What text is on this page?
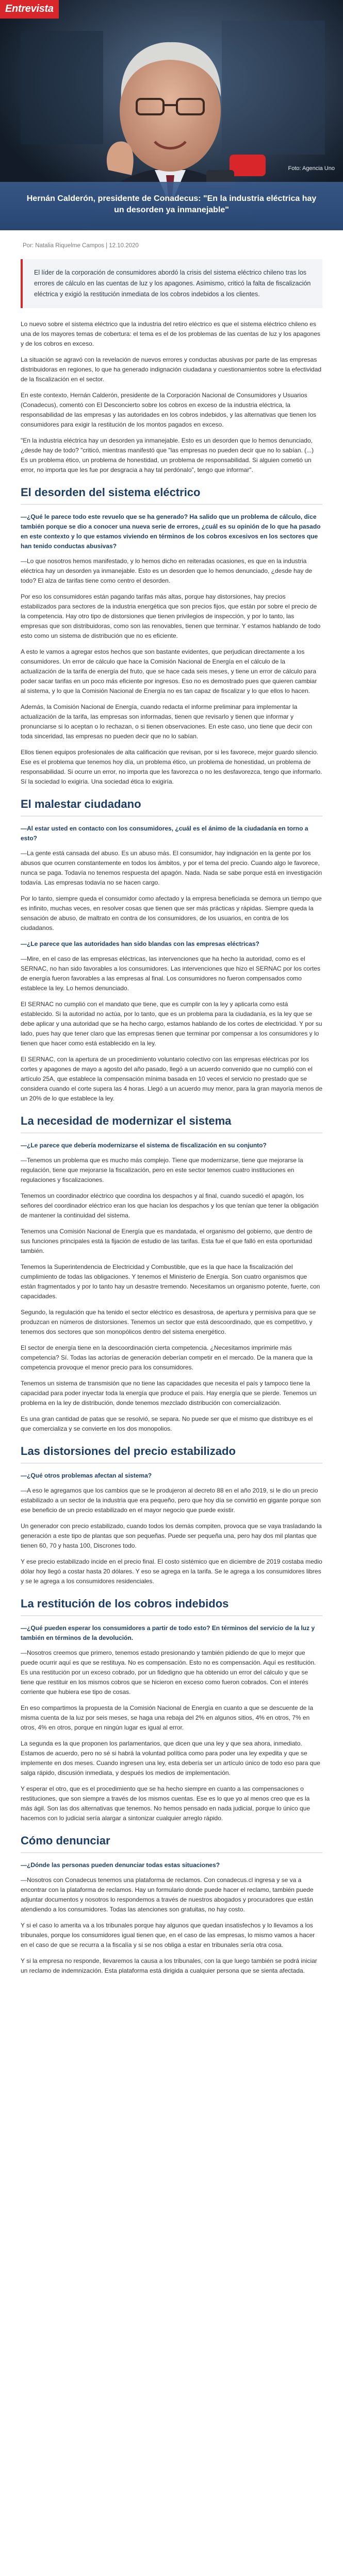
Entrevista
Foto: Agencia Uno
Hernán Calderón, presidente de Conadecus: "En la industria eléctrica hay un desorden ya inmanejable"
Por: Natalia Riquelme Campos | 12.10.2020
El líder de la corporación de consumidores abordó la crisis del sistema eléctrico chileno tras los errores de cálculo en las cuentas de luz y los apagones. Asimismo, criticó la falta de fiscalización eléctrica y exigió la restitución inmediata de los cobros indebidos a los clientes.

Lo nuevo sobre el sistema eléctrico que la industria del retiro eléctrico es que el sistema eléctrico chileno es una de los mayores temas de cobertura: el tema es el de los problemas de las cuentas de luz y los apagones y de los cobros en exceso.

La situación se agravó con la revelación de nuevos errores y conductas abusivas por parte de las empresas distribuidoras en regiones, lo que ha generado indignación ciudadana y cuestionamientos sobre la efectividad de la fiscalización en el sector.

En este contexto, Hernán Calderón, presidente de la Corporación Nacional de Consumidores y Usuarios (Conadecus), comentó con El Desconcierto sobre los cobros en exceso de la industria eléctrica, la responsabilidad de las empresas y las autoridades en los cobros indebidos, y las alternativas que tienen los consumidores para exigir la restitución de los montos pagados en exceso.

"En la industria eléctrica hay un desorden ya inmanejable. Esto es un desorden que lo hemos denunciado, ¿desde hay de todo? "criticó, mientras manifestó que "las empresas no pueden decir que no lo sabían. (...) Es un problema ético, un problema de honestidad, un problema de responsabilidad. Si alguien cometió un error, no importa que les fue por desgracia a hay tal perdónalo", tengo que informar".

El desorden del sistema eléctrico

—¿Qué le parece todo este revuelo que se ha generado? Ha salido que un problema de cálculo, dice también porque se dio a conocer una nueva serie de errores, ¿cuál es su opinión de lo que ha pasado en este contexto y lo que estamos viviendo en términos de los cobros excesivos en los sectores que han tenido conductas abusivas?

—Lo que nosotros hemos manifestado, y lo hemos dicho en reiteradas ocasiones, es que en la industria eléctrica hay un desorden ya inmanejable. Esto es un desorden que lo hemos denunciado, ¿desde hay de todo? El alza de tarifas tiene como centro el desorden.

Por eso los consumidores están pagando tarifas más altas, porque hay distorsiones, hay precios estabilizados para sectores de la industria energética que son precios fijos, que están por sobre el precio de la competencia. Hay otro tipo de distorsiones que tienen privilegios de inspección, y por lo tanto, las empresas que son distribuidoras, como son las renovables, tienen que terminar. Y estamos hablando de todo esto como un sistema de distribución que no es eficiente.

A esto le vamos a agregar estos hechos que son bastante evidentes, que perjudican directamente a los consumidores. Un error de cálculo que hace la Comisión Nacional de Energía en el cálculo de la actualización de la tarifa de energía del fruto, que se hace cada seis meses, y tiene un error de cálculo para poder sacar tarifas en un poco más eficiente por ingresos. Eso no es demostrado pues que quieren cambiar al sistema, y lo que la Comisión Nacional de Energía no es tan capaz de fiscalizar y lo que ellos lo hacen.

Además, la Comisión Nacional de Energía, cuando redacta el informe preliminar para implementar la actualización de la tarifa, las empresas son informadas, tienen que revisarlo y tienen que informar y pronunciarse si lo aceptan o lo rechazan, o si tienen observaciones. En este caso, uno tiene que decir con toda sinceridad, las empresas no pueden decir que no lo sabían.

Ellos tienen equipos profesionales de alta calificación que revisan, por si les favorece, mejor guardo silencio. Ese es el problema que tenemos hoy día, un problema ético, un problema de honestidad, un problema de responsabilidad. Si ocurre un error, no importa que les favorezca o no les desfavorezca, tengo que informarlo. Sí la sociedad lo exigiría. Una sociedad ética lo exigiría.

El malestar ciudadano

—Al estar usted en contacto con los consumidores, ¿cuál es el ánimo de la ciudadanía en torno a esto?

—La gente está cansada del abuso. Es un abuso más. El consumidor, hay indignación en la gente por los abusos que ocurren constantemente en todos los ámbitos, y por el tema del precio. Cuando algo le favorece, nunca se paga. Todavía no tenemos respuesta del apagón. Nada. Nada se sabe porque está en investigación todavía. Las empresas todavía no se hacen cargo.

Por lo tanto, siempre queda el consumidor como afectado y la empresa beneficiada se demora un tiempo que es infinito, muchas veces, en resolver cosas que tienen que ser más prácticas y rápidas. Siempre queda la sensación de abuso, de maltrato en contra de los consumidores, de los usuarios, en contra de los ciudadanos.

—¿Le parece que las autoridades han sido blandas con las empresas eléctricas?

—Mire, en el caso de las empresas eléctricas, las intervenciones que ha hecho la autoridad, como es el SERNAC, no han sido favorables a los consumidores. Las intervenciones que hizo el SERNAC por los cortes de energía fueron favorables a las empresas al final. Los consumidores no fueron compensados como establece la ley. Lo hemos denunciado.

El SERNAC no cumplió con el mandato que tiene, que es cumplir con la ley y aplicarla como está establecido. Si la autoridad no actúa, por lo tanto, que es un problema para la ciudadanía, es la ley que se debe aplicar y una autoridad que se ha hecho cargo, estamos hablando de los cortes de electricidad. Y por su lado, pues hay que tener claro que las empresas tienen que terminar por compensar a los consumidores y lo tienen que hacer como está establecido en la ley.

El SERNAC, con la apertura de un procedimiento voluntario colectivo con las empresas eléctricas por los cortes y apagones de mayo a agosto del año pasado, llegó a un acuerdo convenido que no cumplió con el artículo 25A, que establece la compensación mínima basada en 10 veces el servicio no prestado que se considera cuando el corte supera las 4 horas. Llegó a un acuerdo muy menor, para la gran mayoría menos de un 20% de lo que establece la ley.

La necesidad de modernizar el sistema

—¿Le parece que debería modernizarse el sistema de fiscalización en su conjunto?

—Tenemos un problema que es mucho más complejo. Tiene que modernizarse, tiene que mejorarse la regulación, tiene que mejorarse la fiscalización, pero en este sector tenemos cuatro instituciones en regulaciones y fiscalizaciones.

Tenemos un coordinador eléctrico que coordina los despachos y al final, cuando sucedió el apagón, los señores del coordinador eléctrico eran los que hacían los despachos y los que tenían que tener la obligación de mantener la continuidad del sistema.

Tenemos una Comisión Nacional de Energía que es mandatada, el organismo del gobierno, que dentro de sus funciones principales está la fijación de estudio de las tarifas. Esta fue el que falló en esta oportunidad también.

Tenemos la Superintendencia de Electricidad y Combustible, que es la que hace la fiscalización del cumplimiento de todas las obligaciones. Y tenemos el Ministerio de Energía. Son cuatro organismos que están fragmentados y por lo tanto hay un desastre tremendo. Necesitamos un organismo potente, fuerte, con capacidades.

Segundo, la regulación que ha tenido el sector eléctrico es desastrosa, de apertura y permisiva para que se produzcan en números de distorsiones. Tenemos un sector que está descoordinado, que es competitivo, y tenemos dos sectores que son monopólicos dentro del sistema energético.

El sector de energía tiene en la descoordinación cierta competencia. ¿Necesitamos imprimirle más competencia? Sí. Todas las actorías de generación deberían competir en el mercado. De la manera que la competencia provoque el menor precio para los consumidores.

Tenemos un sistema de transmisión que no tiene las capacidades que necesita el país y tampoco tiene la capacidad para poder inyectar toda la energía que produce el país. Hay energía que se pierde. Tenemos un problema en la ley de distribución, donde tenemos mezclado distribución con comercialización.

Es una gran cantidad de patas que se resolvió, se separa. No puede ser que el mismo que distribuye es el que comercializa y se convierte en los dos monopolios.

Las distorsiones del precio estabilizado

—¿Qué otros problemas afectan al sistema?

—A eso le agregamos que los cambios que se le produjeron al decreto 88 en el año 2019, si le dio un precio estabilizado a un sector de la industria que era pequeño, pero que hoy día se convirtió en gigante porque son ese beneficio de un precio estabilizado en el mayor negocio que puede existir.

Un generador con precio estabilizado, cuando todos los demás compiten, provoca que se vaya trasladando la generación a este tipo de plantas que son pequeñas. Puede ser pequeña una, pero hay dos mil plantas que tienen 60, 70 y hasta 100, Discrones todo.

Y ese precio estabilizado incide en el precio final. El costo sistémico que en diciembre de 2019 costaba medio dólar hoy llegó a costar hasta 20 dólares. Y eso se agrega en la tarifa. Se le agrega a los consumidores libres y se le agrega a los consumidores residenciales.

La restitución de los cobros indebidos

—¿Qué pueden esperar los consumidores a partir de todo esto? En términos del servicio de la luz y también en términos de la devolución.

—Nosotros creemos que primero, tenemos estado presionando y también pidiendo de que lo mejor que puede ocurrir aquí es que se restituya. No es compensación. Esto no es compensación. Aquí es restitución. Es una restitución por un exceso cobrado, por un fidedigno que ha obtenido un error del cálculo y que se tiene que restituir en los mismos cobros que se hicieron en exceso como fueron cobrados. Con el interés corriente que hubiera ese tipo de cosas.

En eso compartimos la propuesta de la Comisión Nacional de Energía en cuanto a que se descuente de la misma cuenta de la luz por seis meses, se haga una rebaja del 2% en algunos sitios, 4% en otros, 7% en otros, 4% en otros, porque en ningún lugar es igual al error.

La segunda es la que proponen los parlamentarios, que dicen que una ley y que sea ahora, inmediato. Estamos de acuerdo, pero no sé si habrá la voluntad política como para poder una ley expedita y que se implemente en dos meses. Cuando ingresen una ley, esta debería ser un artículo único de todo eso para que salga rápido, discusión inmediata, y después los medios de implementación.

Y esperar el otro, que es el procedimiento que se ha hecho siempre en cuanto a las compensaciones o restituciones, que son siempre a través de los mismos cuentas. Ese es lo que yo al menos creo que es la más ágil. Son las dos alternativas que tenemos. No hemos pensado en nada judicial, porque lo único que hacemos con lo judicial sería alargar a sintonizar cualquier arreglo rápido.

Cómo denunciar

—¿Dónde las personas pueden denunciar todas estas situaciones?

—Nosotros con Conadecus tenemos una plataforma de reclamos. Con conadecus.cl ingresa y se va a encontrar con la plataforma de reclamos. Hay un formulario donde puede hacer el reclamo, también puede adjuntar documentos y nosotros lo respondemos a través de nuestros abogados y procuradores que están atendiendo a los consumidores. Todas las atenciones son gratuitas, no hay costo.

Y si el caso lo amerita va a los tribunales porque hay algunos que quedan insatisfechos y lo llevamos a los tribunales, porque los consumidores igual tienen que, en el caso de las empresas, lo mismo vamos a hacer en el caso de que se recurra a la fiscalía y si se nos obliga a estar en tribunales sería otra cosa.

Y si la empresa no responde, llevaremos la causa a los tribunales, con la que luego también se podrá iniciar un reclamo de indemnización. Esta plataforma está dirigida a cualquier persona que se sienta afectada.
